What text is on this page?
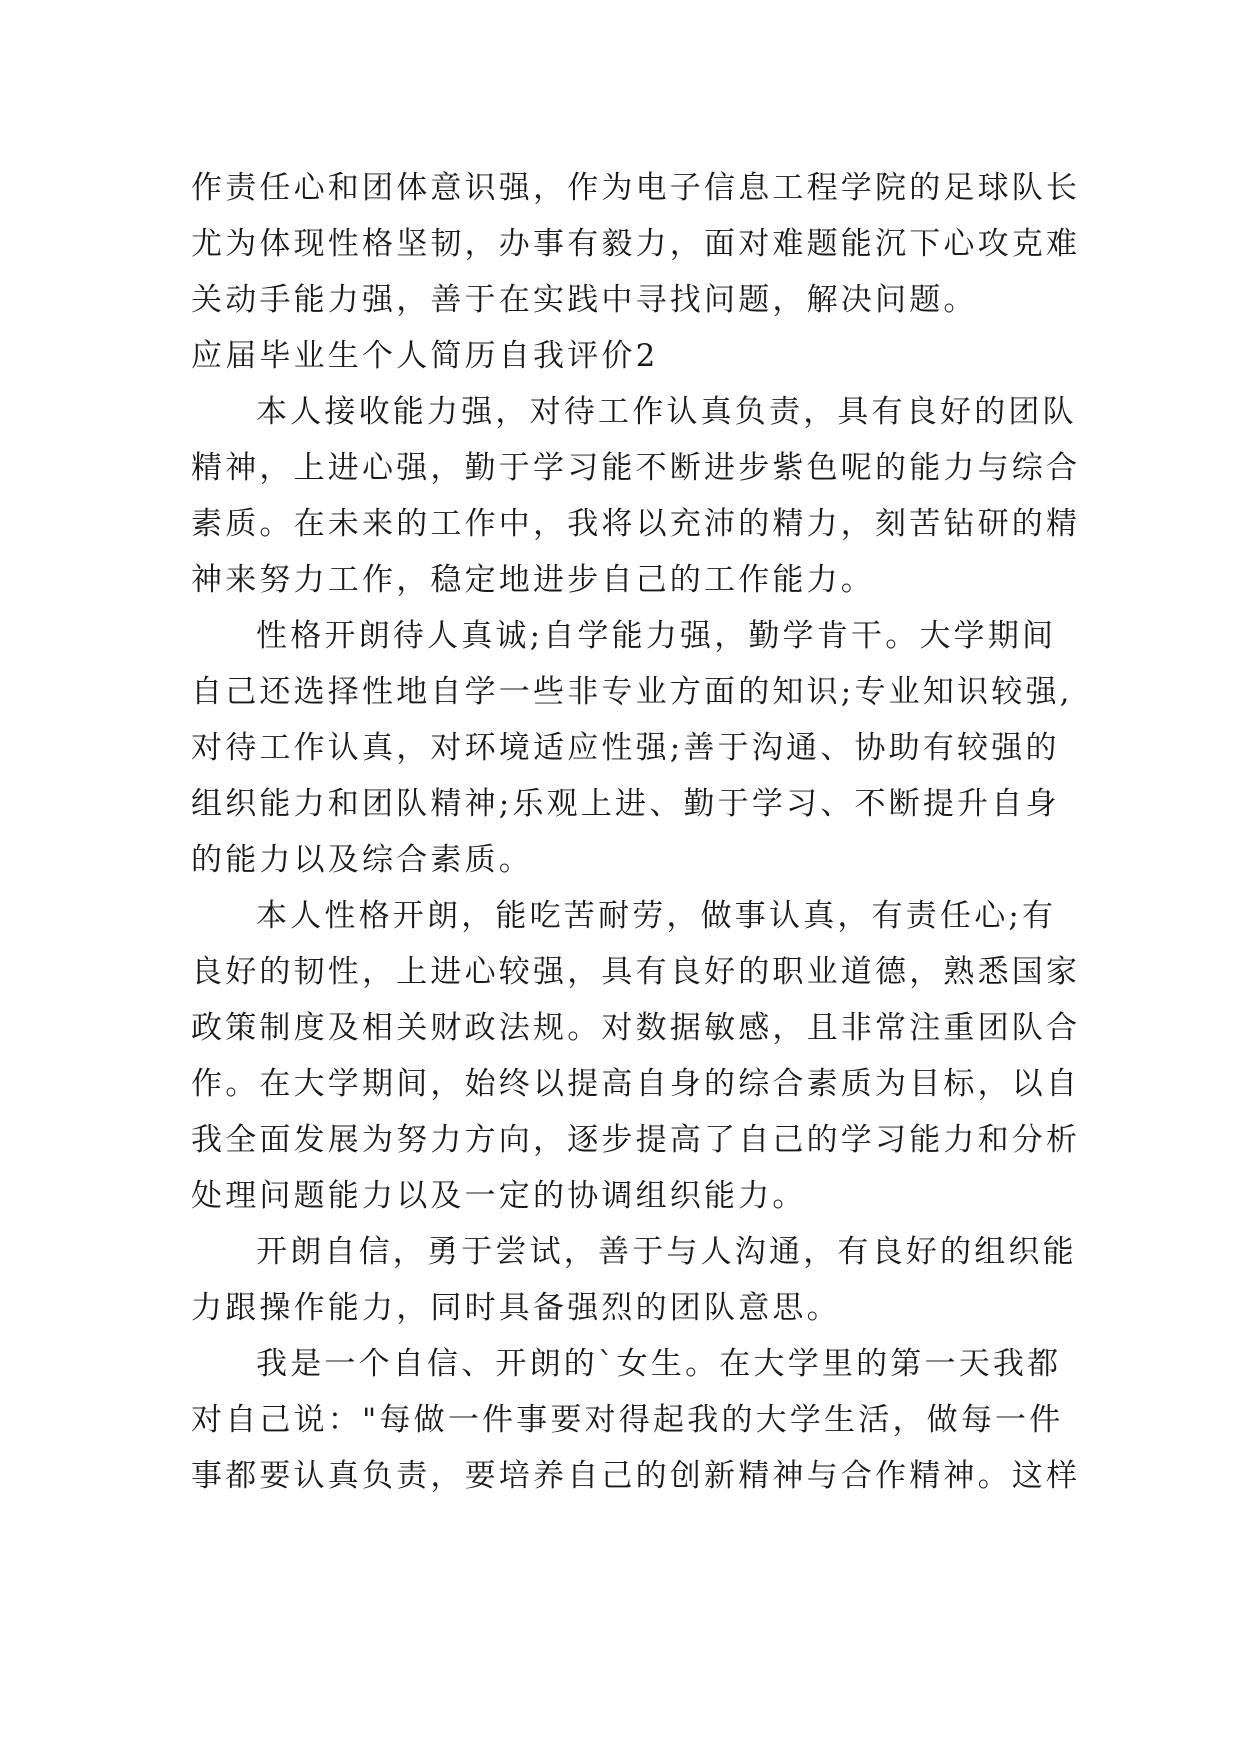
作责任心和团体意识强，作为电子信息工程学院的足球队长
尤为体现性格坚韧，办事有毅力，面对难题能沉下心攻克难
关动手能力强，善于在实践中寻找问题，解决问题。
应届毕业生个人简历自我评价2
本人接收能力强，对待工作认真负责，具有良好的团队
精神，上进心强，勤于学习能不断进步紫色呢的能力与综合
素质。在未来的工作中，我将以充沛的精力，刻苦钻研的精
神来努力工作，稳定地进步自己的工作能力。
性格开朗待人真诚;自学能力强，勤学肯干。大学期间
自己还选择性地自学一些非专业方面的知识;专业知识较强,
对待工作认真，对环境适应性强;善于沟通、协助有较强的
组织能力和团队精神;乐观上进、勤于学习、不断提升自身
的能力以及综合素质。
本人性格开朗，能吃苦耐劳，做事认真，有责任心;有
良好的韧性，上进心较强，具有良好的职业道德，熟悉国家
政策制度及相关财政法规。对数据敏感，且非常注重团队合
作。在大学期间，始终以提高自身的综合素质为目标，以自
我全面发展为努力方向，逐步提高了自己的学习能力和分析
处理问题能力以及一定的协调组织能力。
开朗自信，勇于尝试，善于与人沟通，有良好的组织能
力跟操作能力，同时具备强烈的团队意思。
我是一个自信、开朗的`女生。在大学里的第一天我都
对自己说："每做一件事要对得起我的大学生活，做每一件
事都要认真负责，要培养自己的创新精神与合作精神。这样
